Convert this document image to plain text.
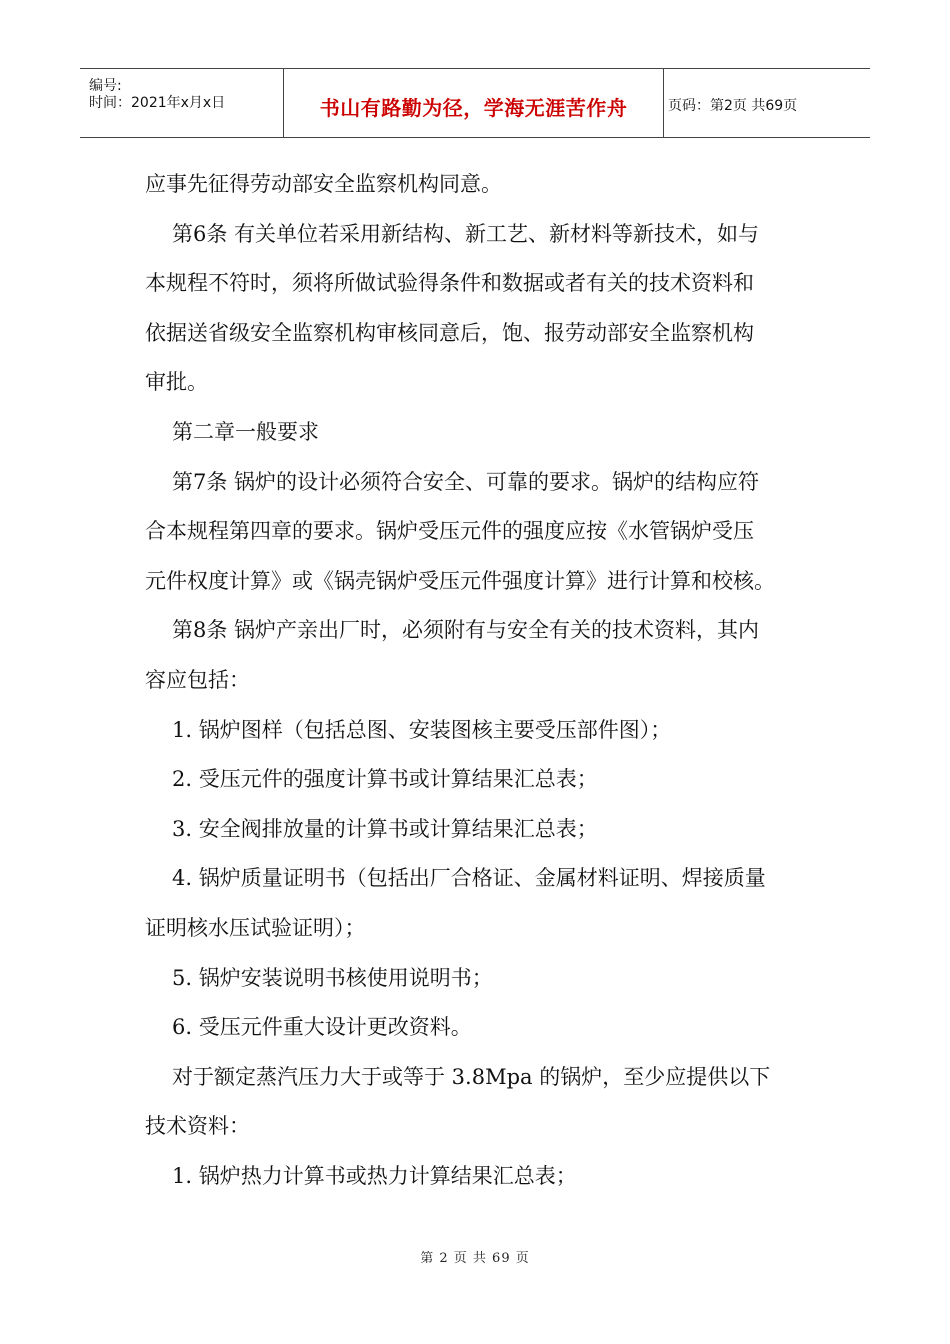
编号:
时间：2021年x月x日	书山有路勤为径，学海无涯苦作舟	页码：第2页 共69页

应事先征得劳动部安全监察机构同意。

第6条 有关单位若采用新结构、新工艺、新材料等新技术，如与

本规程不符时，须将所做试验得条件和数据或者有关的技术资料和

依据送省级安全监察机构审核同意后，饱、报劳动部安全监察机构

审批。

第二章一般要求

第7条 锅炉的设计必须符合安全、可靠的要求。锅炉的结构应符

合本规程第四章的要求。锅炉受压元件的强度应按《水管锅炉受压

元件权度计算》或《锅壳锅炉受压元件强度计算》进行计算和校核。

第8条 锅炉产亲出厂时，必须附有与安全有关的技术资料，其内

容应包括：

1. 锅炉图样（包括总图、安装图核主要受压部件图）；

2. 受压元件的强度计算书或计算结果汇总表；

3. 安全阀排放量的计算书或计算结果汇总表；

4. 锅炉质量证明书（包括出厂合格证、金属材料证明、焊接质量

证明核水压试验证明）；

5. 锅炉安装说明书核使用说明书；

6. 受压元件重大设计更改资料。

对于额定蒸汽压力大于或等于 3.8Mpa 的锅炉，至少应提供以下

技术资料：

1. 锅炉热力计算书或热力计算结果汇总表；

第 2 页 共 69 页
